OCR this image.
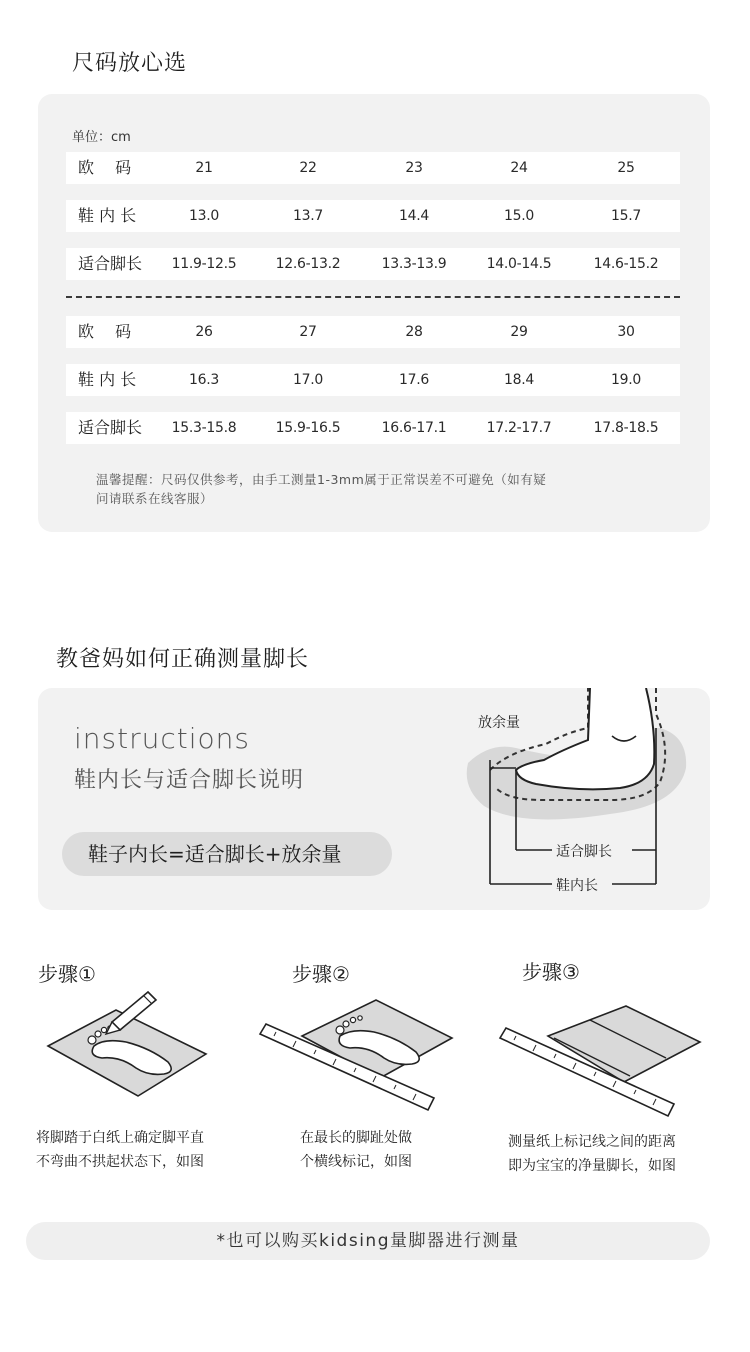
尺码放心选
单位：cm
欧　 码	21	22	23	24	25
鞋 内 长	13.0	13.7	14.4	15.0	15.7
适合脚长	11.9-12.5	12.6-13.2	13.3-13.9	14.0-14.5	14.6-15.2
欧　 码	26	27	28	29	30
鞋 内 长	16.3	17.0	17.6	18.4	19.0
适合脚长	15.3-15.8	15.9-16.5	16.6-17.1	17.2-17.7	17.8-18.5
温馨提醒：尺码仅供参考，由手工测量1-3mm属于正常误差不可避免（如有疑
问请联系在线客服）
教爸妈如何正确测量脚长
instructions
鞋内长与适合脚长说明
鞋子内长=适合脚长+放余量
放余量
适合脚长
鞋内长
步骤①	步骤②	步骤③
将脚踏于白纸上确定脚平直
不弯曲不拱起状态下，如图
在最长的脚趾处做
个横线标记，如图
测量纸上标记线之间的距离
即为宝宝的净量脚长，如图
*也可以购买kidsing量脚器进行测量
